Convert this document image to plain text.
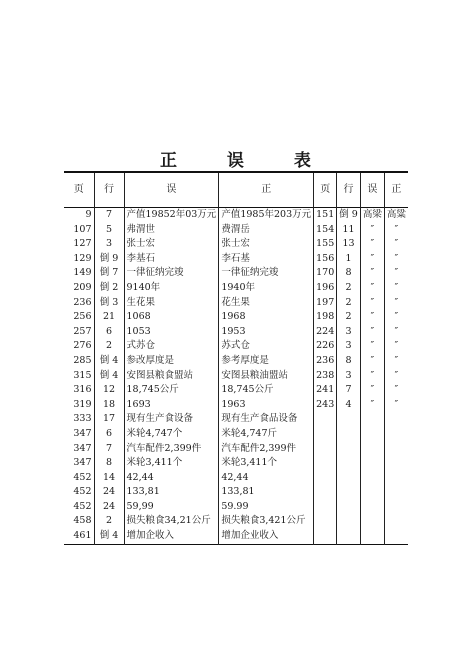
正 误 表
页	行	误	正	页	行	误	正
9	7	产值19852年03万元	产值1985年203万元	151	倒 9	高梁	高粱
107	5	弗渭世	费渭岳	154	11	″	″
127	3	张士宏	张士宏	155	13	″	″
129	倒 9	李基石	李石基	156	1	″	″
149	倒 7	一律征纳完竣	一律征纳完竣	170	8	″	″
209	倒 2	9140年	1940年	196	2	″	″
236	倒 3	生花果	花生果	197	2	″	″
256	21	1068	1968	198	2	″	″
257	6	1053	1953	224	3	″	″
276	2	式苏仓	苏式仓	226	3	″	″
285	倒 4	参改厚度是	参考厚度是	236	8	″	″
315	倒 4	安图县粮食盟站	安图县粮油盟站	238	3	″	″
316	12	18,745公斤	18,745公斤	241	7	″	″
319	18	1693	1963	243	4	″	″
333	17	现有生产食设备	现有生产食品设备				
347	6	米轮4,747个	米轮4,747斤				
347	7	汽车配件2,399件	汽车配件2,399件				
347	8	米轮3,411个	米轮3,411个				
452	14	42,44	42,44				
452	24	133,81	133,81				
452	24	59,99	59.99				
458	2	损失粮食34,21公斤	损失粮食3,421公斤				
461	倒 4	增加企收入	增加企业收入				
